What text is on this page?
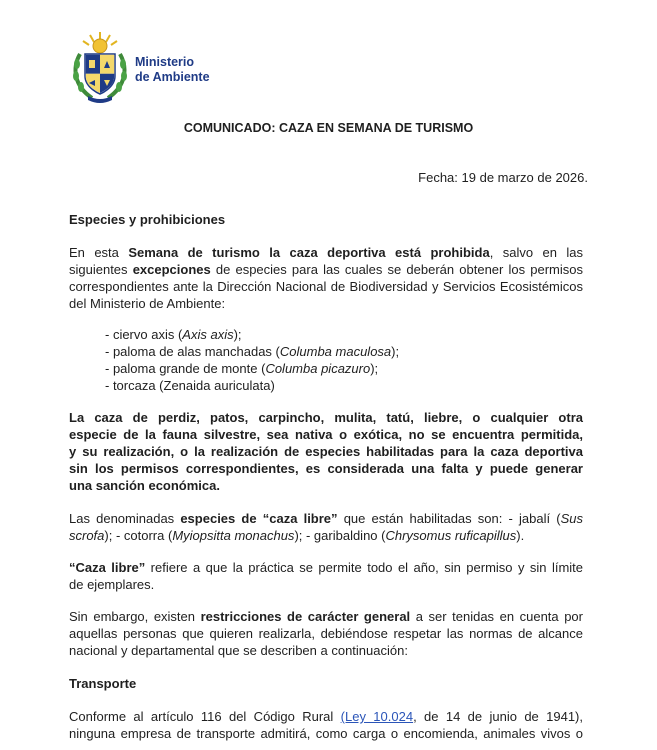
Ministerio
de Ambiente
COMUNICADO: CAZA EN SEMANA DE TURISMO
Fecha: 19 de marzo de 2026.
Especies y prohibiciones
En esta Semana de turismo la caza deportiva está prohibida, salvo en las
siguientes excepciones de especies para las cuales se deberán obtener los permisos
correspondientes ante la Dirección Nacional de Biodiversidad y Servicios Ecosistémicos
del Ministerio de Ambiente:
- ciervo axis (Axis axis);
- paloma de alas manchadas (Columba maculosa);
- paloma grande de monte (Columba picazuro);
- torcaza (Zenaida auriculata)
La caza de perdiz, patos, carpincho, mulita, tatú, liebre, o cualquier otra
especie de la fauna silvestre, sea nativa o exótica, no se encuentra permitida,
y su realización, o la realización de especies habilitadas para la caza deportiva
sin los permisos correspondientes, es considerada una falta y puede generar
una sanción económica.
Las denominadas especies de “caza libre” que están habilitadas son: - jabalí (Sus
scrofa); - cotorra (Myiopsitta monachus); - garibaldino (Chrysomus ruficapillus).
“Caza libre” refiere a que la práctica se permite todo el año, sin permiso y sin límite
de ejemplares.
Sin embargo, existen restricciones de carácter general a ser tenidas en cuenta por
aquellas personas que quieren realizarla, debiéndose respetar las normas de alcance
nacional y departamental que se describen a continuación:
Transporte
Conforme al artículo 116 del Código Rural (Ley 10.024, de 14 de junio de 1941),
ninguna empresa de transporte admitirá, como carga o encomienda, animales vivos o
